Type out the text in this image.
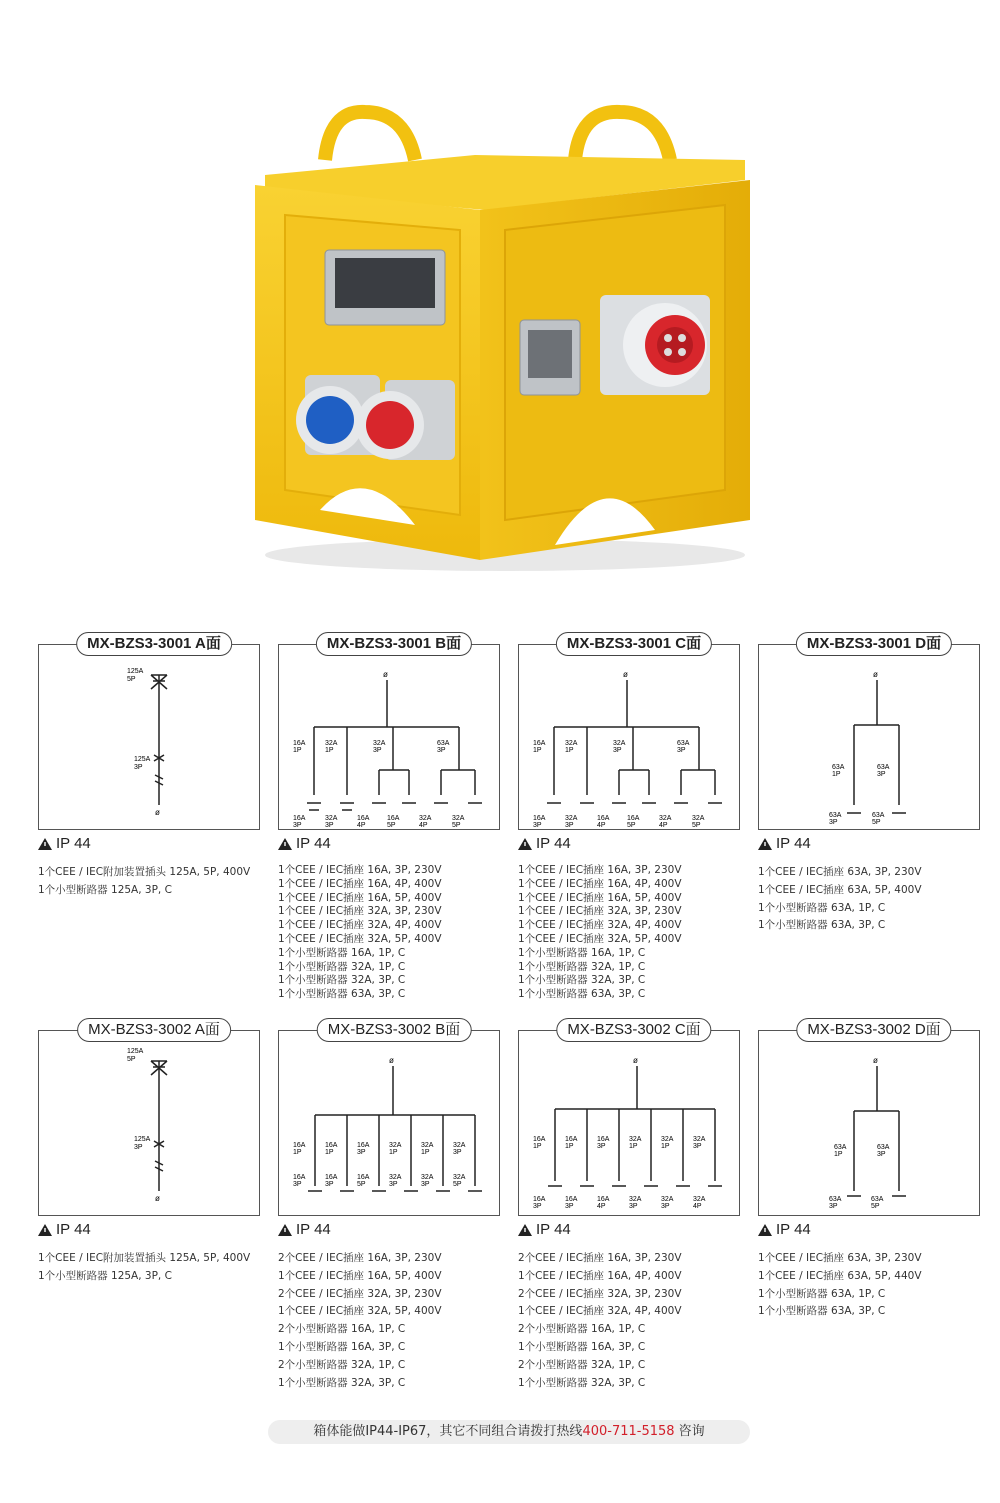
125A
5P
125A
3P
ø
MX-BZS3-3001 A面
IP 44
1个CEE / IEC附加装置插头 125A, 5P, 400V
1个小型断路器 125A, 3P, C
ø
16A
1P
32A
1P
32A
3P
63A
3P
16A
3P
32A
3P
16A
4P
16A
5P
32A
4P
32A
5P
MX-BZS3-3001 B面
IP 44
1个CEE / IEC插座 16A, 3P, 230V
1个CEE / IEC插座 16A, 4P, 400V
1个CEE / IEC插座 16A, 5P, 400V
1个CEE / IEC插座 32A, 3P, 230V
1个CEE / IEC插座 32A, 4P, 400V
1个CEE / IEC插座 32A, 5P, 400V
1个小型断路器 16A, 1P, C
1个小型断路器 32A, 1P, C
1个小型断路器 32A, 3P, C
1个小型断路器 63A, 3P, C
ø
16A
1P
32A
1P
32A
3P
63A
3P
16A
3P
32A
3P
16A
4P
16A
5P
32A
4P
32A
5P
MX-BZS3-3001 C面
IP 44
1个CEE / IEC插座 16A, 3P, 230V
1个CEE / IEC插座 16A, 4P, 400V
1个CEE / IEC插座 16A, 5P, 400V
1个CEE / IEC插座 32A, 3P, 230V
1个CEE / IEC插座 32A, 4P, 400V
1个CEE / IEC插座 32A, 5P, 400V
1个小型断路器 16A, 1P, C
1个小型断路器 32A, 1P, C
1个小型断路器 32A, 3P, C
1个小型断路器 63A, 3P, C
ø
63A
1P
63A
3P
63A
3P
63A
5P
MX-BZS3-3001 D面
IP 44
1个CEE / IEC插座 63A, 3P, 230V
1个CEE / IEC插座 63A, 5P, 400V
1个小型断路器 63A, 1P, C
1个小型断路器 63A, 3P, C
125A
5P
125A
3P
ø
MX-BZS3-3002 A面
IP 44
1个CEE / IEC附加装置插头 125A, 5P, 400V
1个小型断路器 125A, 3P, C
ø
16A
1P
16A
1P
16A
3P
32A
1P
32A
1P
32A
3P
16A
3P
16A
3P
16A
5P
32A
3P
32A
3P
32A
5P
MX-BZS3-3002 B面
IP 44
2个CEE / IEC插座 16A, 3P, 230V
1个CEE / IEC插座 16A, 5P, 400V
2个CEE / IEC插座 32A, 3P, 230V
1个CEE / IEC插座 32A, 5P, 400V
2个小型断路器 16A, 1P, C
1个小型断路器 16A, 3P, C
2个小型断路器 32A, 1P, C
1个小型断路器 32A, 3P, C
ø
16A
1P
16A
1P
16A
3P
32A
1P
32A
1P
32A
3P
16A
3P
16A
3P
16A
4P
32A
3P
32A
3P
32A
4P
MX-BZS3-3002 C面
IP 44
2个CEE / IEC插座 16A, 3P, 230V
1个CEE / IEC插座 16A, 4P, 400V
2个CEE / IEC插座 32A, 3P, 230V
1个CEE / IEC插座 32A, 4P, 400V
2个小型断路器 16A, 1P, C
1个小型断路器 16A, 3P, C
2个小型断路器 32A, 1P, C
1个小型断路器 32A, 3P, C
ø
63A
1P
63A
3P
63A
3P
63A
5P
MX-BZS3-3002 D面
IP 44
1个CEE / IEC插座 63A, 3P, 230V
1个CEE / IEC插座 63A, 5P, 440V
1个小型断路器 63A, 1P, C
1个小型断路器 63A, 3P, C
箱体能做IP44-IP67，其它不同组合请拨打热线400-711-5158 咨询
